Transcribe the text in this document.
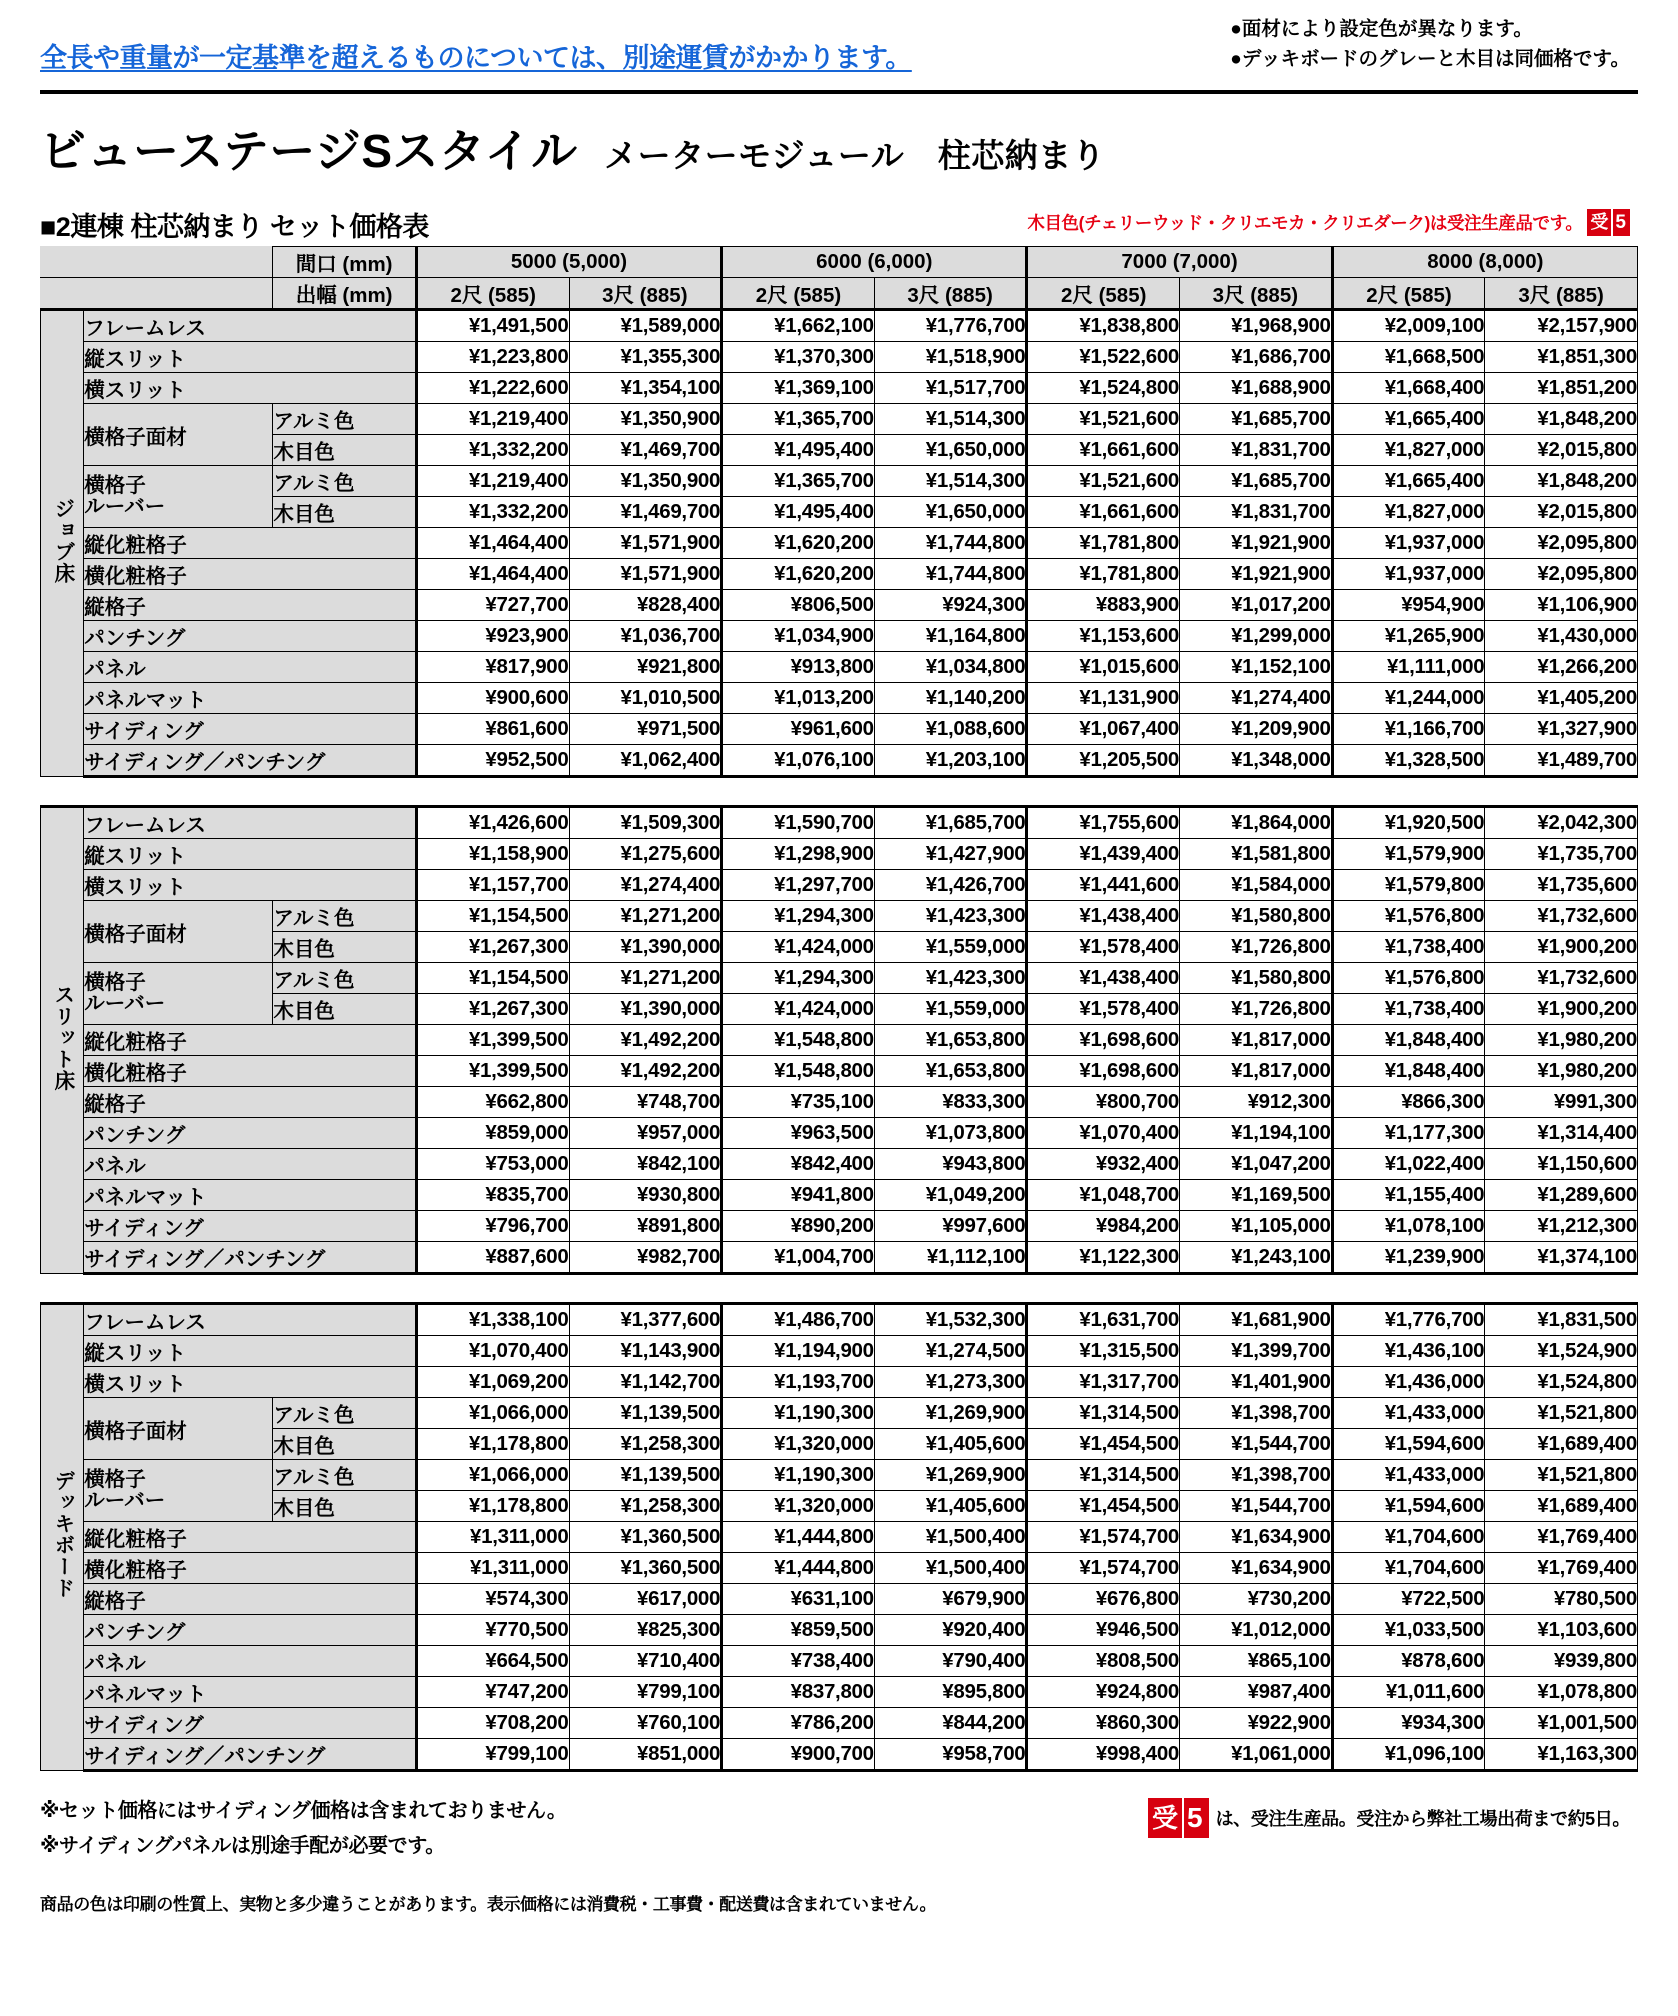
全長や重量が一定基準を超えるものについては、別途運賃がかかります。
●面材により設定色が異なります。
●デッキボードのグレーと木目は同価格です。
ビューステージSスタイル メーターモジュール　柱芯納まり
■2連棟 柱芯納まり セット価格表	木目色(チェリーウッド・クリエモカ・クリエダーク)は受注生産品です。 受 5
		間口 (mm)	5000 (5,000)		6000 (6,000)		7000 (7,000)		8000 (8,000)	
		出幅 (mm)	2尺 (585)	3尺 (885)	2尺 (585)	3尺 (885)	2尺 (585)	3尺 (885)	2尺 (585)	3尺 (885)
ジョブ床	フレームレス		¥1,491,500	¥1,589,000	¥1,662,100	¥1,776,700	¥1,838,800	¥1,968,900	¥2,009,100	¥2,157,900
	縦スリット		¥1,223,800	¥1,355,300	¥1,370,300	¥1,518,900	¥1,522,600	¥1,686,700	¥1,668,500	¥1,851,300
	横スリット		¥1,222,600	¥1,354,100	¥1,369,100	¥1,517,700	¥1,524,800	¥1,688,900	¥1,668,400	¥1,851,200
	横格子面材	アルミ色	¥1,219,400	¥1,350,900	¥1,365,700	¥1,514,300	¥1,521,600	¥1,685,700	¥1,665,400	¥1,848,200
		木目色	¥1,332,200	¥1,469,700	¥1,495,400	¥1,650,000	¥1,661,600	¥1,831,700	¥1,827,000	¥2,015,800

	横格子
ルーバー	アルミ色	¥1,219,400	¥1,350,900	¥1,365,700	¥1,514,300	¥1,521,600	¥1,685,700	¥1,665,400	¥1,848,200
		木目色	¥1,332,200	¥1,469,700	¥1,495,400	¥1,650,000	¥1,661,600	¥1,831,700	¥1,827,000	¥2,015,800
	縦化粧格子		¥1,464,400	¥1,571,900	¥1,620,200	¥1,744,800	¥1,781,800	¥1,921,900	¥1,937,000	¥2,095,800
	横化粧格子		¥1,464,400	¥1,571,900	¥1,620,200	¥1,744,800	¥1,781,800	¥1,921,900	¥1,937,000	¥2,095,800
	縦格子		¥727,700	¥828,400	¥806,500	¥924,300	¥883,900	¥1,017,200	¥954,900	¥1,106,900
	パンチング		¥923,900	¥1,036,700	¥1,034,900	¥1,164,800	¥1,153,600	¥1,299,000	¥1,265,900	¥1,430,000
	パネル		¥817,900	¥921,800	¥913,800	¥1,034,800	¥1,015,600	¥1,152,100	¥1,111,000	¥1,266,200
	パネルマット		¥900,600	¥1,010,500	¥1,013,200	¥1,140,200	¥1,131,900	¥1,274,400	¥1,244,000	¥1,405,200
	サイディング		¥861,600	¥971,500	¥961,600	¥1,088,600	¥1,067,400	¥1,209,900	¥1,166,700	¥1,327,900
	サイディング／パンチング		¥952,500	¥1,062,400	¥1,076,100	¥1,203,100	¥1,205,500	¥1,348,000	¥1,328,500	¥1,489,700

スリット床	フレームレス		¥1,426,600	¥1,509,300	¥1,590,700	¥1,685,700	¥1,755,600	¥1,864,000	¥1,920,500	¥2,042,300
	縦スリット		¥1,158,900	¥1,275,600	¥1,298,900	¥1,427,900	¥1,439,400	¥1,581,800	¥1,579,900	¥1,735,700
	横スリット		¥1,157,700	¥1,274,400	¥1,297,700	¥1,426,700	¥1,441,600	¥1,584,000	¥1,579,800	¥1,735,600
	横格子面材	アルミ色	¥1,154,500	¥1,271,200	¥1,294,300	¥1,423,300	¥1,438,400	¥1,580,800	¥1,576,800	¥1,732,600
		木目色	¥1,267,300	¥1,390,000	¥1,424,000	¥1,559,000	¥1,578,400	¥1,726,800	¥1,738,400	¥1,900,200

	横格子
ルーバー	アルミ色	¥1,154,500	¥1,271,200	¥1,294,300	¥1,423,300	¥1,438,400	¥1,580,800	¥1,576,800	¥1,732,600
		木目色	¥1,267,300	¥1,390,000	¥1,424,000	¥1,559,000	¥1,578,400	¥1,726,800	¥1,738,400	¥1,900,200
	縦化粧格子		¥1,399,500	¥1,492,200	¥1,548,800	¥1,653,800	¥1,698,600	¥1,817,000	¥1,848,400	¥1,980,200
	横化粧格子		¥1,399,500	¥1,492,200	¥1,548,800	¥1,653,800	¥1,698,600	¥1,817,000	¥1,848,400	¥1,980,200
	縦格子		¥662,800	¥748,700	¥735,100	¥833,300	¥800,700	¥912,300	¥866,300	¥991,300
	パンチング		¥859,000	¥957,000	¥963,500	¥1,073,800	¥1,070,400	¥1,194,100	¥1,177,300	¥1,314,400
	パネル		¥753,000	¥842,100	¥842,400	¥943,800	¥932,400	¥1,047,200	¥1,022,400	¥1,150,600
	パネルマット		¥835,700	¥930,800	¥941,800	¥1,049,200	¥1,048,700	¥1,169,500	¥1,155,400	¥1,289,600
	サイディング		¥796,700	¥891,800	¥890,200	¥997,600	¥984,200	¥1,105,000	¥1,078,100	¥1,212,300
	サイディング／パンチング		¥887,600	¥982,700	¥1,004,700	¥1,112,100	¥1,122,300	¥1,243,100	¥1,239,900	¥1,374,100

デッキボード	フレームレス		¥1,338,100	¥1,377,600	¥1,486,700	¥1,532,300	¥1,631,700	¥1,681,900	¥1,776,700	¥1,831,500
	縦スリット		¥1,070,400	¥1,143,900	¥1,194,900	¥1,274,500	¥1,315,500	¥1,399,700	¥1,436,100	¥1,524,900
	横スリット		¥1,069,200	¥1,142,700	¥1,193,700	¥1,273,300	¥1,317,700	¥1,401,900	¥1,436,000	¥1,524,800
	横格子面材	アルミ色	¥1,066,000	¥1,139,500	¥1,190,300	¥1,269,900	¥1,314,500	¥1,398,700	¥1,433,000	¥1,521,800
		木目色	¥1,178,800	¥1,258,300	¥1,320,000	¥1,405,600	¥1,454,500	¥1,544,700	¥1,594,600	¥1,689,400

	横格子
ルーバー	アルミ色	¥1,066,000	¥1,139,500	¥1,190,300	¥1,269,900	¥1,314,500	¥1,398,700	¥1,433,000	¥1,521,800
		木目色	¥1,178,800	¥1,258,300	¥1,320,000	¥1,405,600	¥1,454,500	¥1,544,700	¥1,594,600	¥1,689,400
	縦化粧格子		¥1,311,000	¥1,360,500	¥1,444,800	¥1,500,400	¥1,574,700	¥1,634,900	¥1,704,600	¥1,769,400
	横化粧格子		¥1,311,000	¥1,360,500	¥1,444,800	¥1,500,400	¥1,574,700	¥1,634,900	¥1,704,600	¥1,769,400
	縦格子		¥574,300	¥617,000	¥631,100	¥679,900	¥676,800	¥730,200	¥722,500	¥780,500
	パンチング		¥770,500	¥825,300	¥859,500	¥920,400	¥946,500	¥1,012,000	¥1,033,500	¥1,103,600
	パネル		¥664,500	¥710,400	¥738,400	¥790,400	¥808,500	¥865,100	¥878,600	¥939,800
	パネルマット		¥747,200	¥799,100	¥837,800	¥895,800	¥924,800	¥987,400	¥1,011,600	¥1,078,800
	サイディング		¥708,200	¥760,100	¥786,200	¥844,200	¥860,300	¥922,900	¥934,300	¥1,001,500
	サイディング／パンチング		¥799,100	¥851,000	¥900,700	¥958,700	¥998,400	¥1,061,000	¥1,096,100	¥1,163,300
※セット価格にはサイディング価格は含まれておりません。
※サイディングパネルは別途手配が必要です。
商品の色は印刷の性質上、実物と多少違うことがあります。表示価格には消費税・工事費・配送費は含まれていません。
受 5 は、受注生産品。受注から弊社工場出荷まで約5日。
